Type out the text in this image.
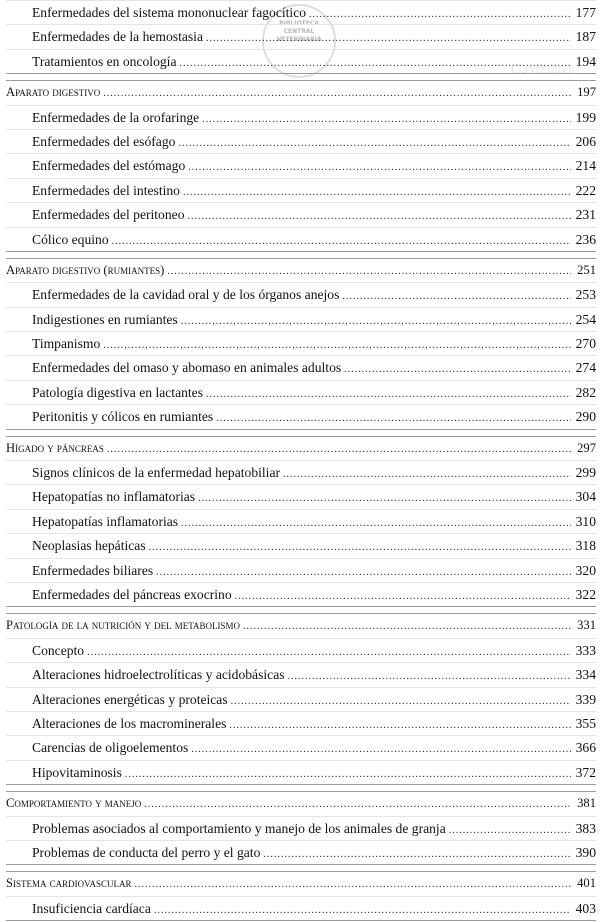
Contenido
BIBLIOTECA
CENTRAL
VETERINARIA
Enfermedades del sistema mononuclear fagocítico .....	177
Enfermedades de la hemostasia .....	187
Tratamientos en oncología .....	194
Aparato digestivo .....	197
Enfermedades de la orofaringe .....	199
Enfermedades del esófago .....	206
Enfermedades del estómago .....	214
Enfermedades del intestino .....	222
Enfermedades del peritoneo .....	231
Cólico equino .....	236
Aparato digestivo (rumiantes) .....	251
Enfermedades de la cavidad oral y de los órganos anejos .....	253
Indigestiones en rumiantes .....	254
Timpanismo .....	270
Enfermedades del omaso y abomaso en animales adultos .....	274
Patología digestiva en lactantes .....	282
Peritonitis y cólicos en rumiantes .....	290
Hígado y páncreas .....	297
Signos clínicos de la enfermedad hepatobiliar .....	299
Hepatopatías no inflamatorias .....	304
Hepatopatías inflamatorias .....	310
Neoplasias hepáticas .....	318
Enfermedades biliares .....	320
Enfermedades del páncreas exocrino .....	322
Patología de la nutrición y del metabolismo .....	331
Concepto .....	333
Alteraciones hidroelectrolíticas y acidobásicas .....	334
Alteraciones energéticas y proteicas .....	339
Alteraciones de los macrominerales .....	355
Carencias de oligoelementos .....	366
Hipovitaminosis .....	372
Comportamiento y manejo .....	381
Problemas asociados al comportamiento y manejo de los animales de granja .....	383
Problemas de conducta del perro y el gato .....	390
Sistema cardiovascular .....	401
Insuficiencia cardíaca .....	403
